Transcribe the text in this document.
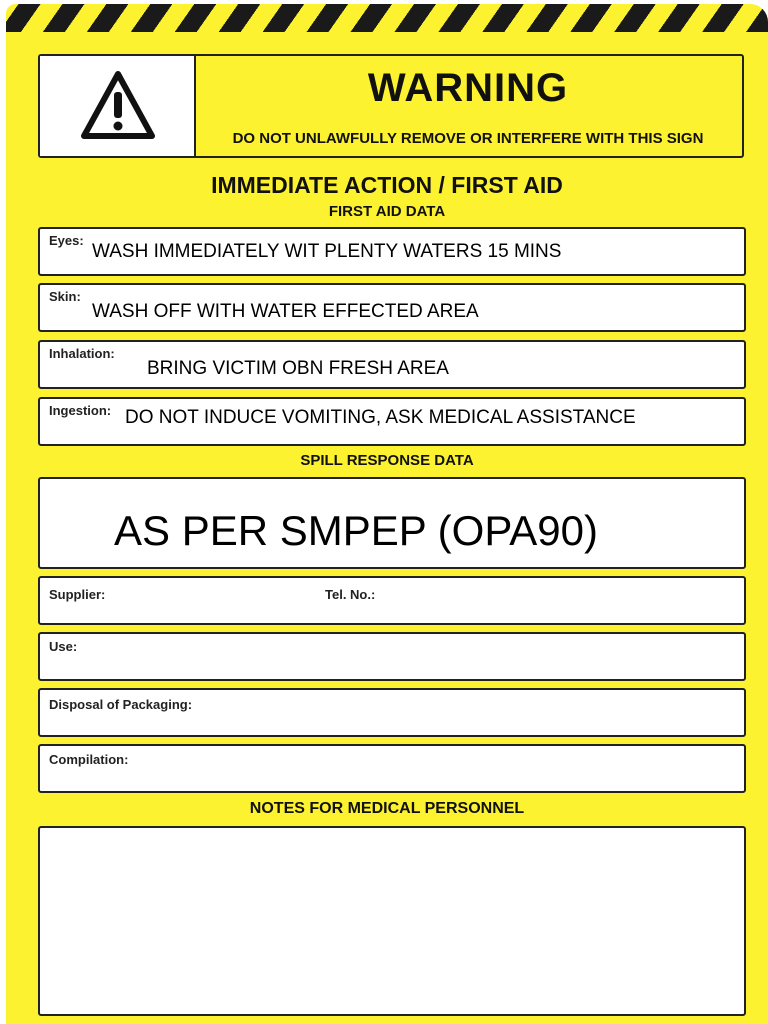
WARNING
DO NOT UNLAWFULLY REMOVE OR INTERFERE WITH THIS SIGN
IMMEDIATE ACTION / FIRST AID
FIRST AID DATA
Eyes:
WASH IMMEDIATELY WIT PLENTY WATERS 15 MINS
Skin:
WASH OFF WITH WATER EFFECTED AREA
Inhalation:
BRING VICTIM OBN FRESH AREA
Ingestion: DO NOT INDUCE VOMITING, ASK MEDICAL ASSISTANCE
SPILL RESPONSE DATA
AS PER SMPEP (OPA90)
Supplier:	Tel. No.:
Use:
Disposal of Packaging:
Compilation:
NOTES FOR MEDICAL PERSONNEL
